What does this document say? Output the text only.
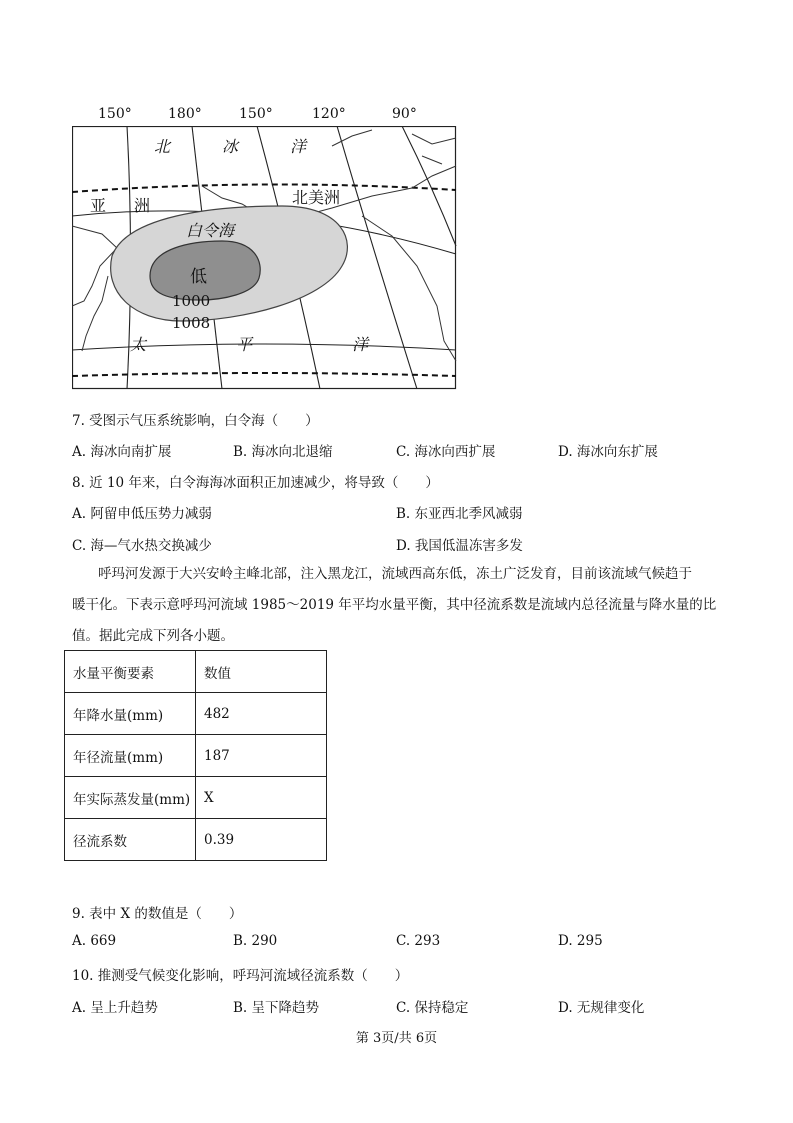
150°	180°	150°	120°	90°
北	冰	洋
亚 洲	北美洲
白令海
低
1000
1008
太	平	洋
7. 受图示气压系统影响，白令海（　　）
A. 海冰向南扩展	B. 海冰向北退缩	C. 海冰向西扩展	D. 海冰向东扩展
8. 近 10 年来，白令海海冰面积正加速减少，将导致（　　）
A. 阿留申低压势力减弱	B. 东亚西北季风减弱
C. 海—气水热交换减少	D. 我国低温冻害多发
呼玛河发源于大兴安岭主峰北部，注入黑龙江，流域西高东低，冻土广泛发育，目前该流域气候趋于
暖干化。下表示意呼玛河流域 1985～2019 年平均水量平衡，其中径流系数是流域内总径流量与降水量的比
值。据此完成下列各小题。
水量平衡要素	数值
年降水量(mm)	482
年径流量(mm)	187
年实际蒸发量(mm)	X
径流系数	0.39
9. 表中 X 的数值是（　　）
A. 669	B. 290	C. 293	D. 295
10. 推测受气候变化影响，呼玛河流域径流系数（　　）
A. 呈上升趋势	B. 呈下降趋势	C. 保持稳定	D. 无规律变化
第 3页/共 6页
